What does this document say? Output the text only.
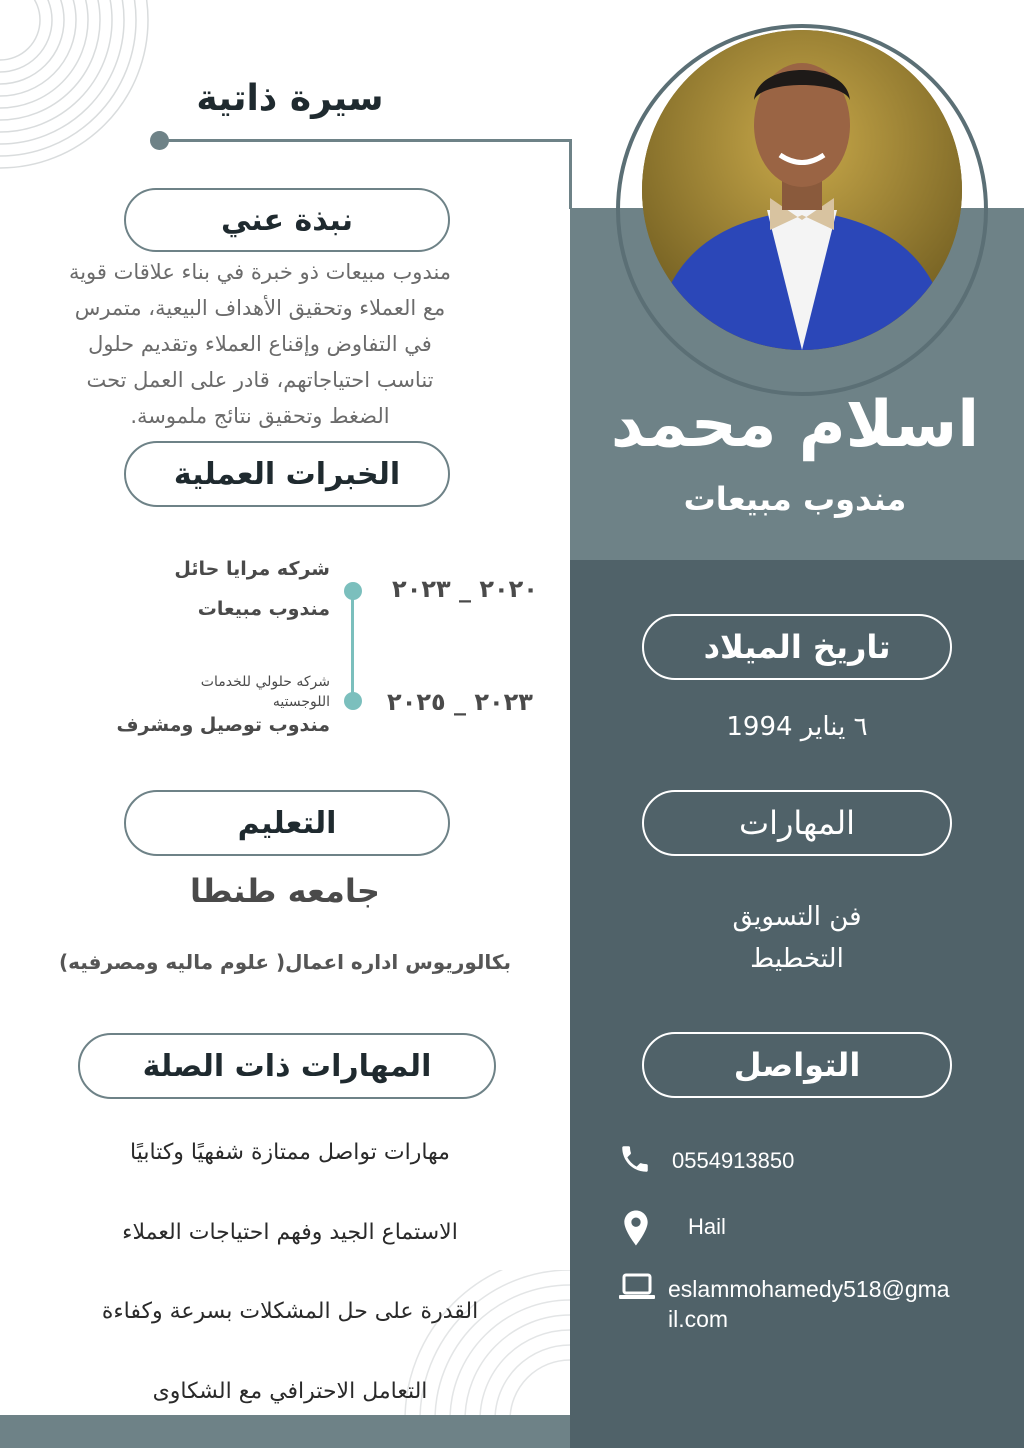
سيرة ذاتية
نبذة عني
مندوب مبيعات ذو خبرة في بناء علاقات قوية
مع العملاء وتحقيق الأهداف البيعية، متمرس
في التفاوض وإقناع العملاء وتقديم حلول
تناسب احتياجاتهم، قادر على العمل تحت
الضغط وتحقيق نتائج ملموسة.
الخبرات العملية
شركه مرايا حائل
مندوب مبيعات
٢٠٢٠ _ ٢٠٢٣
شركه حلولي للخدمات
اللوجستيه
مندوب توصيل ومشرف
٢٠٢٣ _ ٢٠٢٥
التعليم
جامعه طنطا
بكالوريوس اداره اعمال( علوم ماليه ومصرفيه)
المهارات ذات الصلة
مهارات تواصل ممتازة شفهيًا وكتابيًا
الاستماع الجيد وفهم احتياجات العملاء
القدرة على حل المشكلات بسرعة وكفاءة
التعامل الاحترافي مع الشكاوى
اسلام محمد
مندوب مبيعات
تاريخ الميلاد
٦ يناير 1994
المهارات
فن التسويق
التخطيط
التواصل
0554913850
Hail
eslammohamedy518@gma
il.com
